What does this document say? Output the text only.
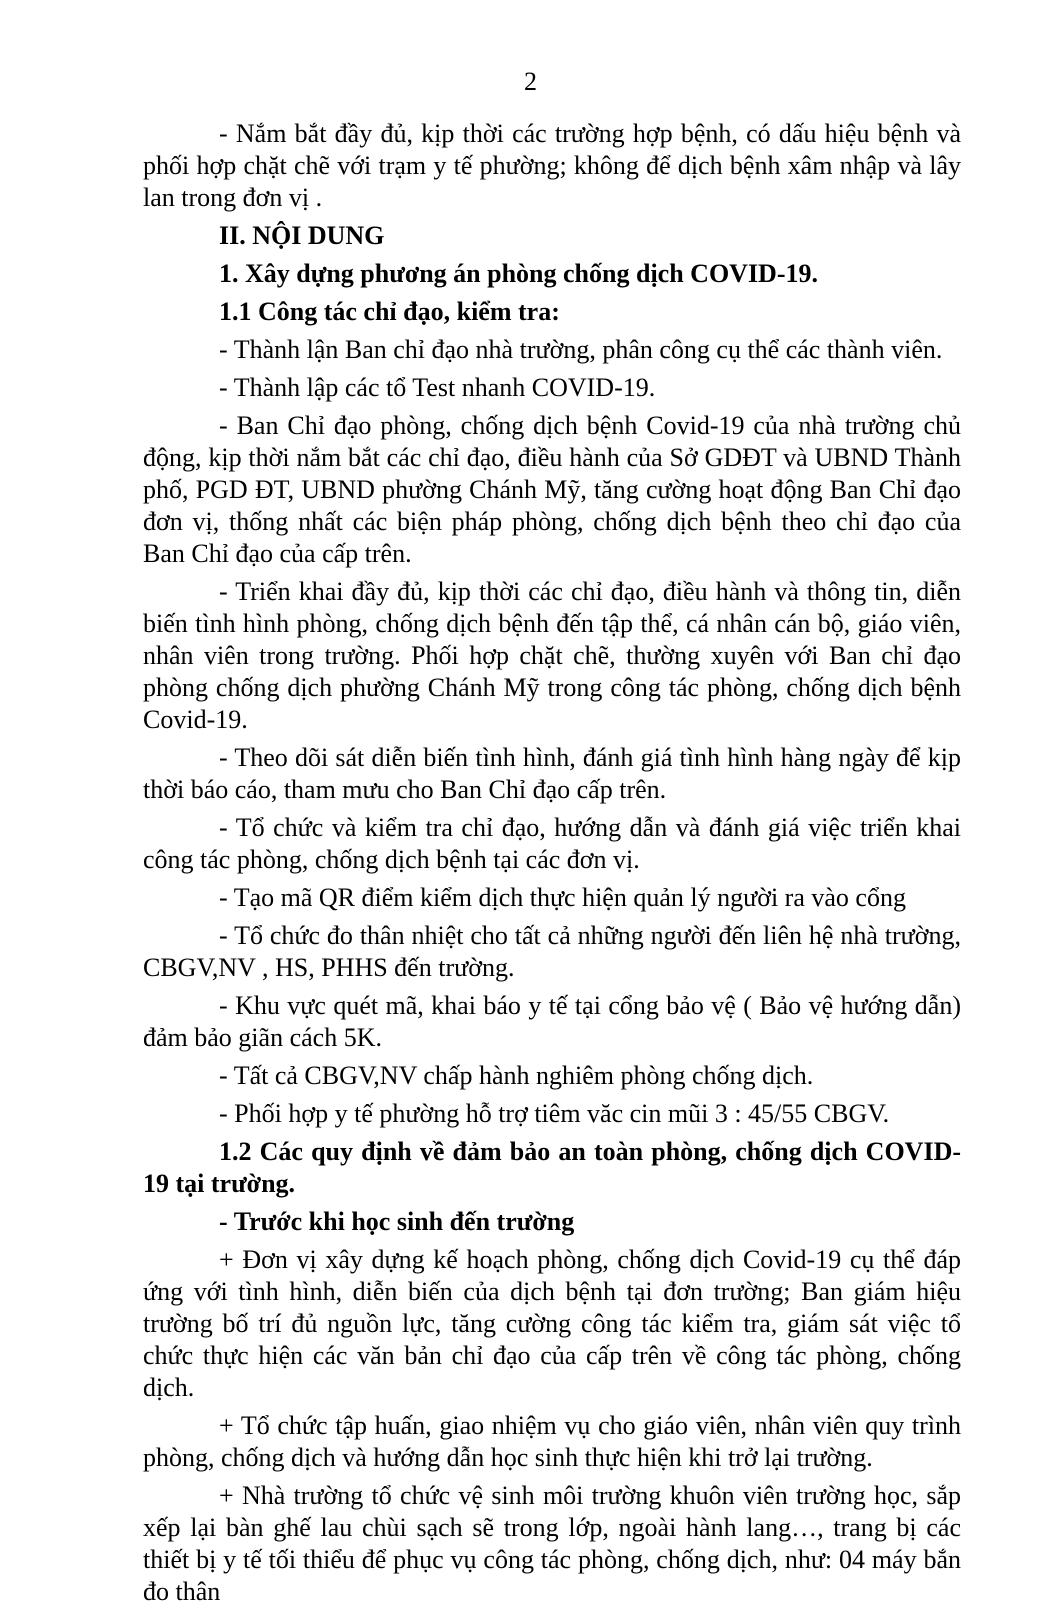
2

- Nắm bắt đầy đủ, kịp thời các trường hợp bệnh, có dấu hiệu bệnh và phối hợp chặt chẽ với trạm y tế phường; không để dịch bệnh xâm nhập và lây lan trong đơn vị .

II. NỘI DUNG

1. Xây dựng phương án phòng chống dịch COVID-19.

1.1 Công tác chỉ đạo, kiểm tra:

- Thành lận Ban chỉ đạo nhà trường, phân công cụ thể các thành viên.

- Thành lập các tổ Test nhanh COVID-19.

- Ban Chỉ đạo phòng, chống dịch bệnh Covid-19 của nhà trường chủ động, kịp thời nắm bắt các chỉ đạo, điều hành của Sở GDĐT và UBND Thành phố, PGD ĐT, UBND phường Chánh Mỹ, tăng cường hoạt động Ban Chỉ đạo đơn vị, thống nhất các biện pháp phòng, chống dịch bệnh theo chỉ đạo của Ban Chỉ đạo của cấp trên.

- Triển khai đầy đủ, kịp thời các chỉ đạo, điều hành và thông tin, diễn biến tình hình phòng, chống dịch bệnh đến tập thể, cá nhân cán bộ, giáo viên, nhân viên trong trường. Phối hợp chặt chẽ, thường xuyên với Ban chỉ đạo phòng chống dịch phường Chánh Mỹ trong công tác phòng, chống dịch bệnh Covid-19.

- Theo dõi sát diễn biến tình hình, đánh giá tình hình hàng ngày để kịp thời báo cáo, tham mưu cho Ban Chỉ đạo cấp trên.

- Tổ chức và kiểm tra chỉ đạo, hướng dẫn và đánh giá việc triển khai công tác phòng, chống dịch bệnh tại các đơn vị.

- Tạo mã QR điểm kiểm dịch thực hiện quản lý người ra vào cổng

- Tổ chức đo thân nhiệt cho tất cả những người đến liên hệ nhà trường, CBGV,NV , HS, PHHS đến trường.

- Khu vực quét mã, khai báo y tế tại cổng bảo vệ ( Bảo vệ hướng dẫn) đảm bảo giãn cách 5K.

- Tất cả CBGV,NV chấp hành nghiêm phòng chống dịch.

- Phối hợp y tế phường hỗ trợ tiêm văc cin mũi 3 : 45/55 CBGV.

1.2 Các quy định về đảm bảo an toàn phòng, chống dịch COVID-19 tại trường.

- Trước khi học sinh đến trường

+ Đơn vị xây dựng kế hoạch phòng, chống dịch Covid-19 cụ thể đáp ứng với tình hình, diễn biến của dịch bệnh tại đơn trường; Ban giám hiệu trường bố trí đủ nguồn lực, tăng cường công tác kiểm tra, giám sát việc tổ chức thực hiện các văn bản chỉ đạo của cấp trên về công tác phòng, chống dịch.

+ Tổ chức tập huấn, giao nhiệm vụ cho giáo viên, nhân viên quy trình phòng, chống dịch và hướng dẫn học sinh thực hiện khi trở lại trường.

+ Nhà trường tổ chức vệ sinh môi trường khuôn viên trường học, sắp xếp lại bàn ghế lau chùi sạch sẽ trong lớp, ngoài hành lang…, trang bị các thiết bị y tế tối thiểu để phục vụ công tác phòng, chống dịch, như: 04 máy bắn đo thân
